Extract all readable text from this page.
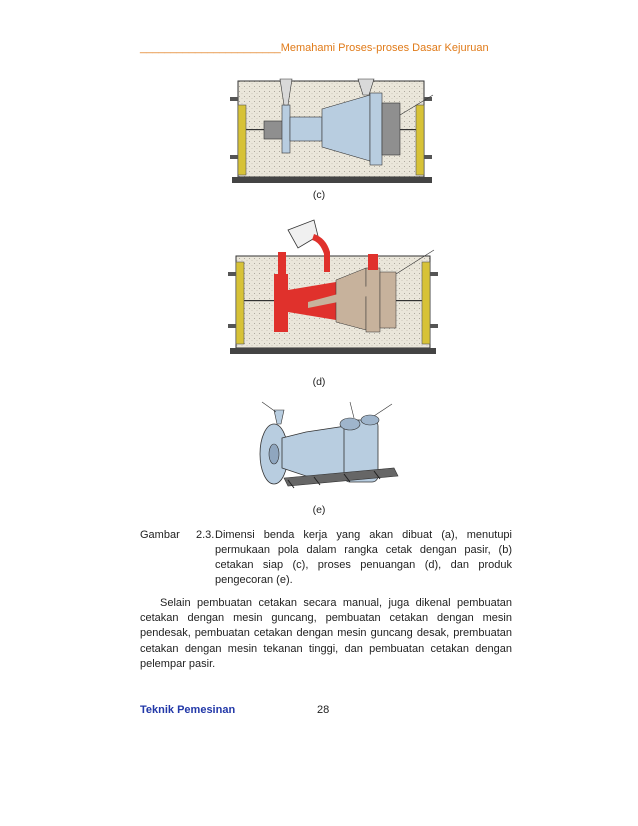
_______________________Memahami Proses-proses Dasar Kejuruan
(c)
(d)
(e)
Gambar 2.3. Dimensi benda kerja yang akan dibuat (a), menutupi permukaan pola dalam rangka cetak dengan pasir, (b) cetakan siap (c), proses penuangan (d), dan produk pengecoran (e).
Selain pembuatan cetakan secara manual, juga dikenal pembuatan cetakan dengan mesin guncang, pembuatan cetakan dengan mesin pendesak, pembuatan cetakan dengan mesin guncang desak, prembuatan cetakan dengan mesin tekanan tinggi, dan pembuatan cetakan dengan pelempar pasir.
Teknik Pemesinan	28
